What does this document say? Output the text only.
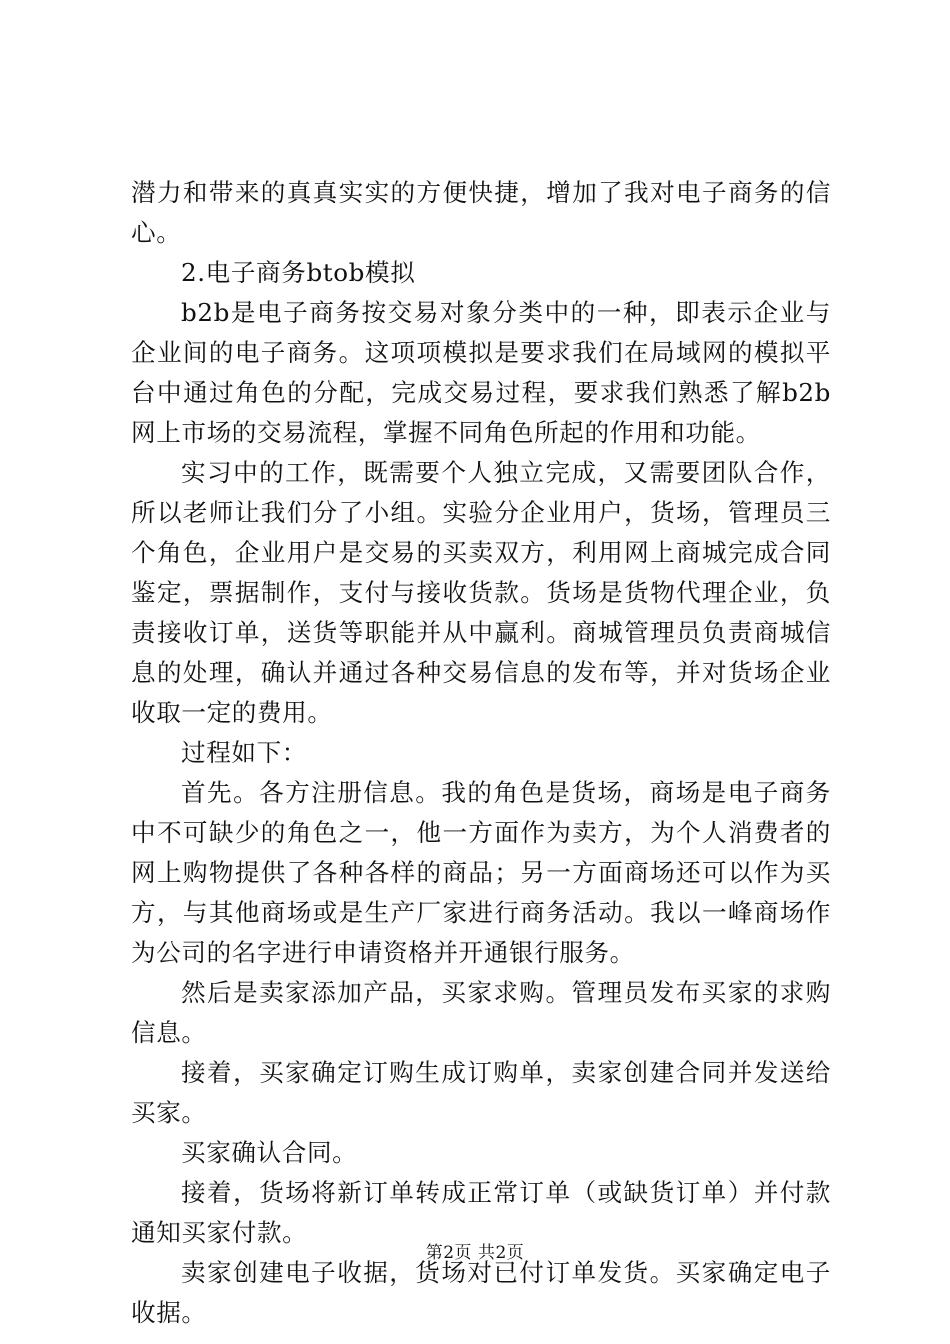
潜力和带来的真真实实的方便快捷，增加了我对电子商务的信心。

2.电子商务btob模拟

b2b是电子商务按交易对象分类中的一种，即表示企业与企业间的电子商务。这项项模拟是要求我们在局域网的模拟平台中通过角色的分配，完成交易过程，要求我们熟悉了解b2b网上市场的交易流程，掌握不同角色所起的作用和功能。

实习中的工作，既需要个人独立完成，又需要团队合作，所以老师让我们分了小组。实验分企业用户，货场，管理员三个角色，企业用户是交易的买卖双方，利用网上商城完成合同鉴定，票据制作，支付与接收货款。货场是货物代理企业，负责接收订单，送货等职能并从中赢利。商城管理员负责商城信息的处理，确认并通过各种交易信息的发布等，并对货场企业收取一定的费用。

过程如下：

首先。各方注册信息。我的角色是货场，商场是电子商务中不可缺少的角色之一，他一方面作为卖方，为个人消费者的网上购物提供了各种各样的商品；另一方面商场还可以作为买方，与其他商场或是生产厂家进行商务活动。我以一峰商场作为公司的名字进行申请资格并开通银行服务。

然后是卖家添加产品，买家求购。管理员发布买家的求购信息。

接着，买家确定订购生成订购单，卖家创建合同并发送给买家。

买家确认合同。

接着，货场将新订单转成正常订单（或缺货订单）并付款通知买家付款。

卖家创建电子收据，货场对已付订单发货。买家确定电子收据。

第2页 共2页
